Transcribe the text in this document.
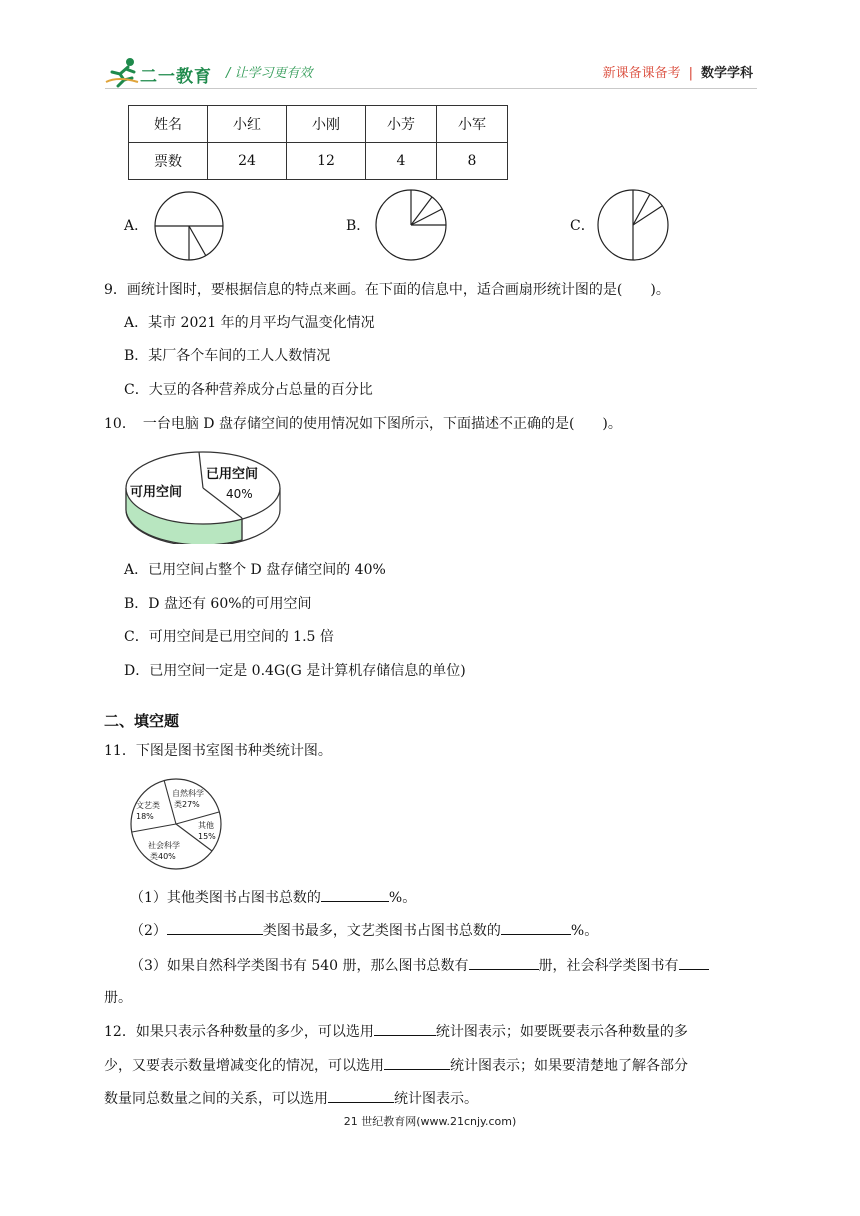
二一教育 / 让学习更有效	新课备课备考 | 数学学科
姓名	小红	小刚	小芳	小军
票数	24	12	4	8
A．	B．	C．
9．画统计图时，要根据信息的特点来画。在下面的信息中，适合画扇形统计图的是(　　)。
A．某市 2021 年的月平均气温变化情况
B．某厂各个车间的工人人数情况
C．大豆的各种营养成分占总量的百分比
10．　一台电脑 D 盘存储空间的使用情况如下图所示，下面描述不正确的是(　　)。
可用空间
已用空间
40%
A．已用空间占整个 D 盘存储空间的 40%
B．D 盘还有 60%的可用空间
C．可用空间是已用空间的 1.5 倍
D．已用空间一定是 0.4G(G 是计算机存储信息的单位)
二、填空题
11．下图是图书室图书种类统计图。
自然科学
类27%
文艺类
18%
其他
15%
社会科学
类40%
（1）其他类图书占图书总数的	%。
（2）	类图书最多，文艺类图书占图书总数的	%。
（3）如果自然科学类图书有 540 册，那么图书总数有	册，社会科学类图书有
册。
12．如果只表示各种数量的多少，可以选用	统计图表示；如要既要表示各种数量的多
少，又要表示数量增减变化的情况，可以选用	统计图表示；如果要清楚地了解各部分
数量同总数量之间的关系，可以选用	统计图表示。
21 世纪教育网(www.21cnjy.com)
